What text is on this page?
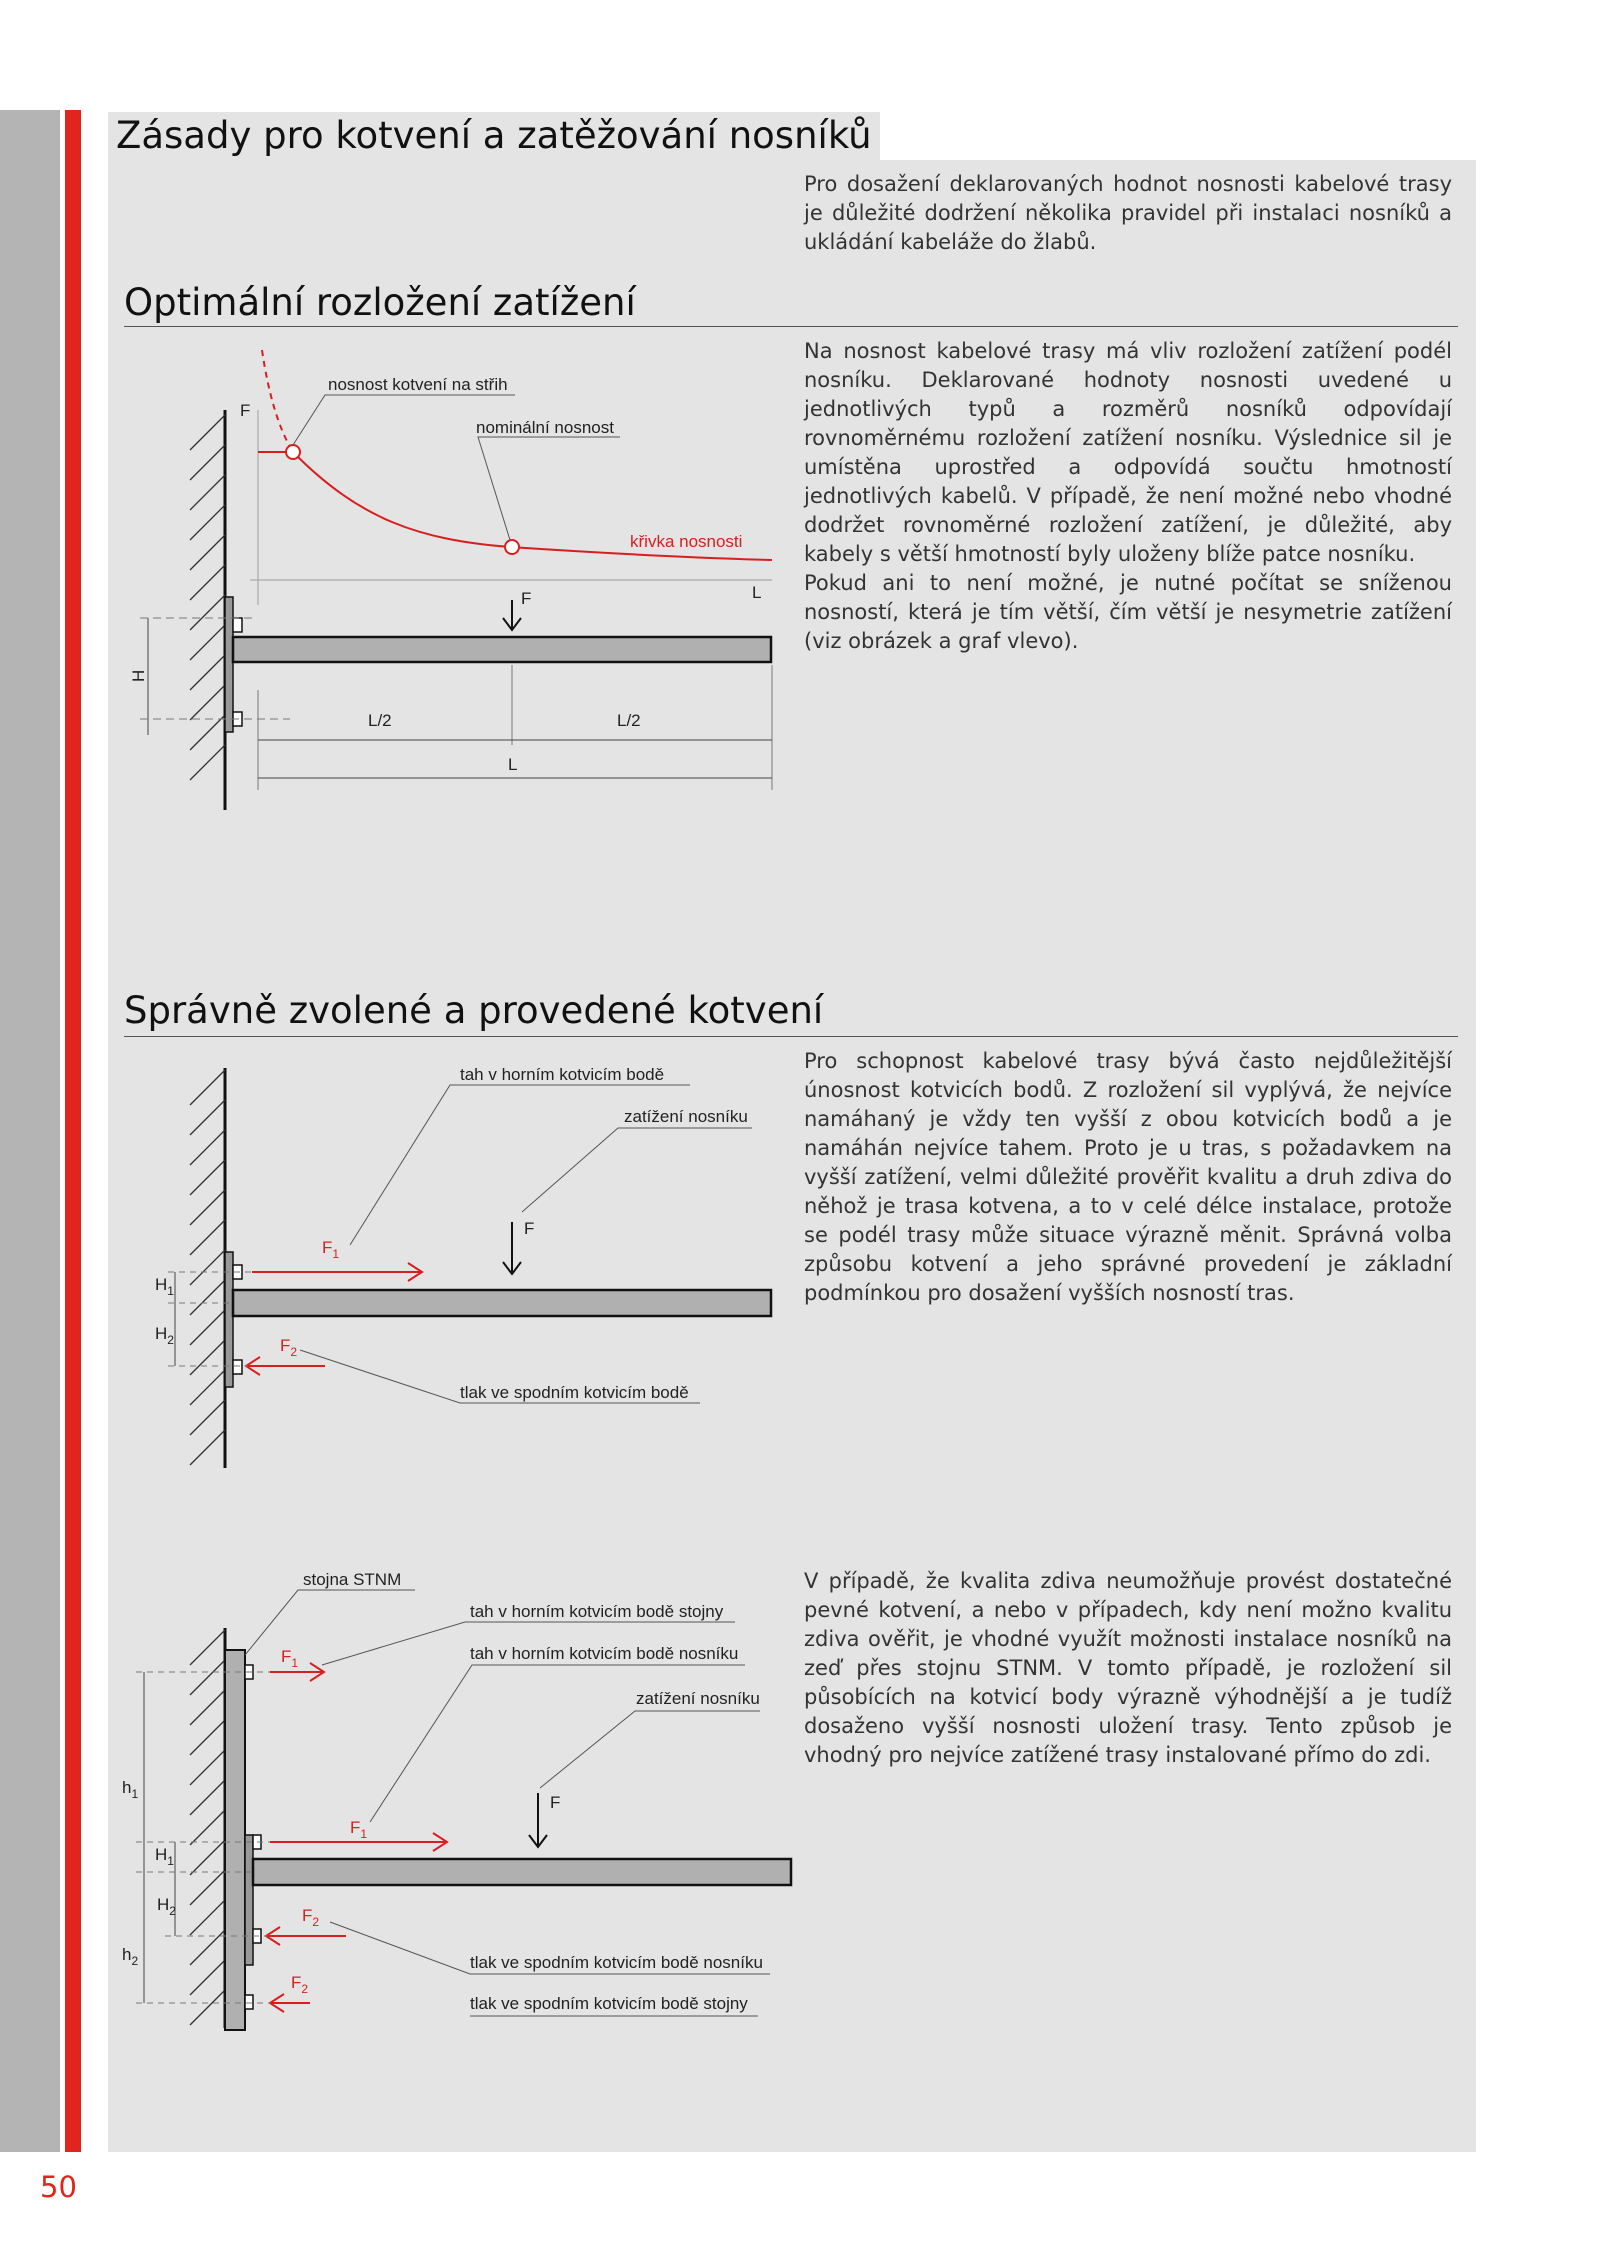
Zásady pro kotvení a zatěžování nosníků
Pro dosažení deklarovaných hodnot nosnosti kabelové trasy je důležité dodržení několika pravidel při instalaci nosníků a ukládání kabeláže do žlabů.
Optimální rozložení zatížení
Na nosnost kabelové trasy má vliv rozložení zatížení podél nosníku. Deklarované hodnoty nosnosti uvedené u jednotlivých typů a rozměrů nosníků odpovídají rovnoměrnému rozložení zatížení nosníku. Výslednice sil je umístěna uprostřed a odpovídá součtu hmotností jednotlivých kabelů. V případě, že není možné nebo vhodné dodržet rovnoměrné rozložení zatížení, je důležité, aby kabely s větší hmotností byly uloženy blíže patce nosníku.
Pokud ani to není možné, je nutné počítat se sníženou nosností, která je tím větší, čím větší je nesymetrie zatížení (viz obrázek a graf vlevo).
F
L
nosnost kotvení na střih
nominální nosnost
křivka nosnosti
F
H
L/2	L/2
L
Správně zvolené a provedené kotvení
Pro schopnost kabelové trasy bývá často nejdůležitější únosnost kotvicích bodů. Z rozložení sil vyplývá, že nejvíce namáhaný je vždy ten vyšší z obou kotvicích bodů a je namáhán nejvíce tahem. Proto je u tras, s požadavkem na vyšší zatížení, velmi důležité prověřit kvalitu a druh zdiva do něhož je trasa kotvena, a to v celé délce instalace, protože se podél trasy může situace výrazně měnit. Správná volba způsobu kotvení a jeho správné provedení je základní podmínkou pro dosažení vyšších nosností tras.
F
$F_1$
$F_2$
tah v horním kotvicím bodě
zatížení nosníku
tlak ve spodním kotvicím bodě
$H_1$
$H_2$
V případě, že kvalita zdiva neumožňuje provést dostatečné pevné kotvení, a nebo v případech, kdy není možno kvalitu zdiva ověřit, je vhodné využít možnosti instalace nosníků na zeď přes stojnu STNM. V tomto případě, je rozložení sil působících na kotvicí body výrazně výhodnější a je tudíž dosaženo vyšší nosnosti uložení trasy. Tento způsob je vhodný pro nejvíce zatížené trasy instalované přímo do zdi.
F
$F_1$
$F_1$
$F_2$
$F_2$
stojna STNM
tah v horním kotvicím bodě stojny
tah v horním kotvicím bodě nosníku
zatížení nosníku
tlak ve spodním kotvicím bodě nosníku
tlak ve spodním kotvicím bodě stojny
$h_1$
$h_2$
$H_1$
$H_2$
50
